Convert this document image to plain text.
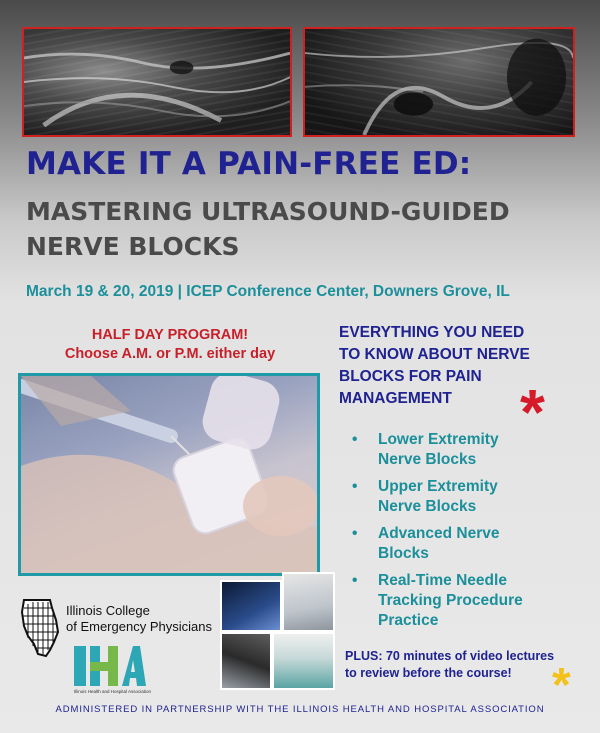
MAKE IT A PAIN-FREE ED:
MASTERING ULTRASOUND-GUIDED
NERVE BLOCKS
March 19 & 20, 2019 | ICEP Conference Center, Downers Grove, IL
HALF DAY PROGRAM!
Choose A.M. or P.M. either day
EVERYTHING YOU NEED
TO KNOW ABOUT NERVE
BLOCKS FOR PAIN
MANAGEMENT	*
• Lower Extremity
Nerve Blocks
• Upper Extremity
Nerve Blocks
• Advanced Nerve
Blocks
• Real-Time Needle
Tracking Procedure
Practice
PLUS: 70 minutes of video lectures
to review before the course! *
Illinois College
of Emergency Physicians
Illinois Health and Hospital Association
ADMINISTERED IN PARTNERSHIP WITH THE ILLINOIS HEALTH AND HOSPITAL ASSOCIATION
